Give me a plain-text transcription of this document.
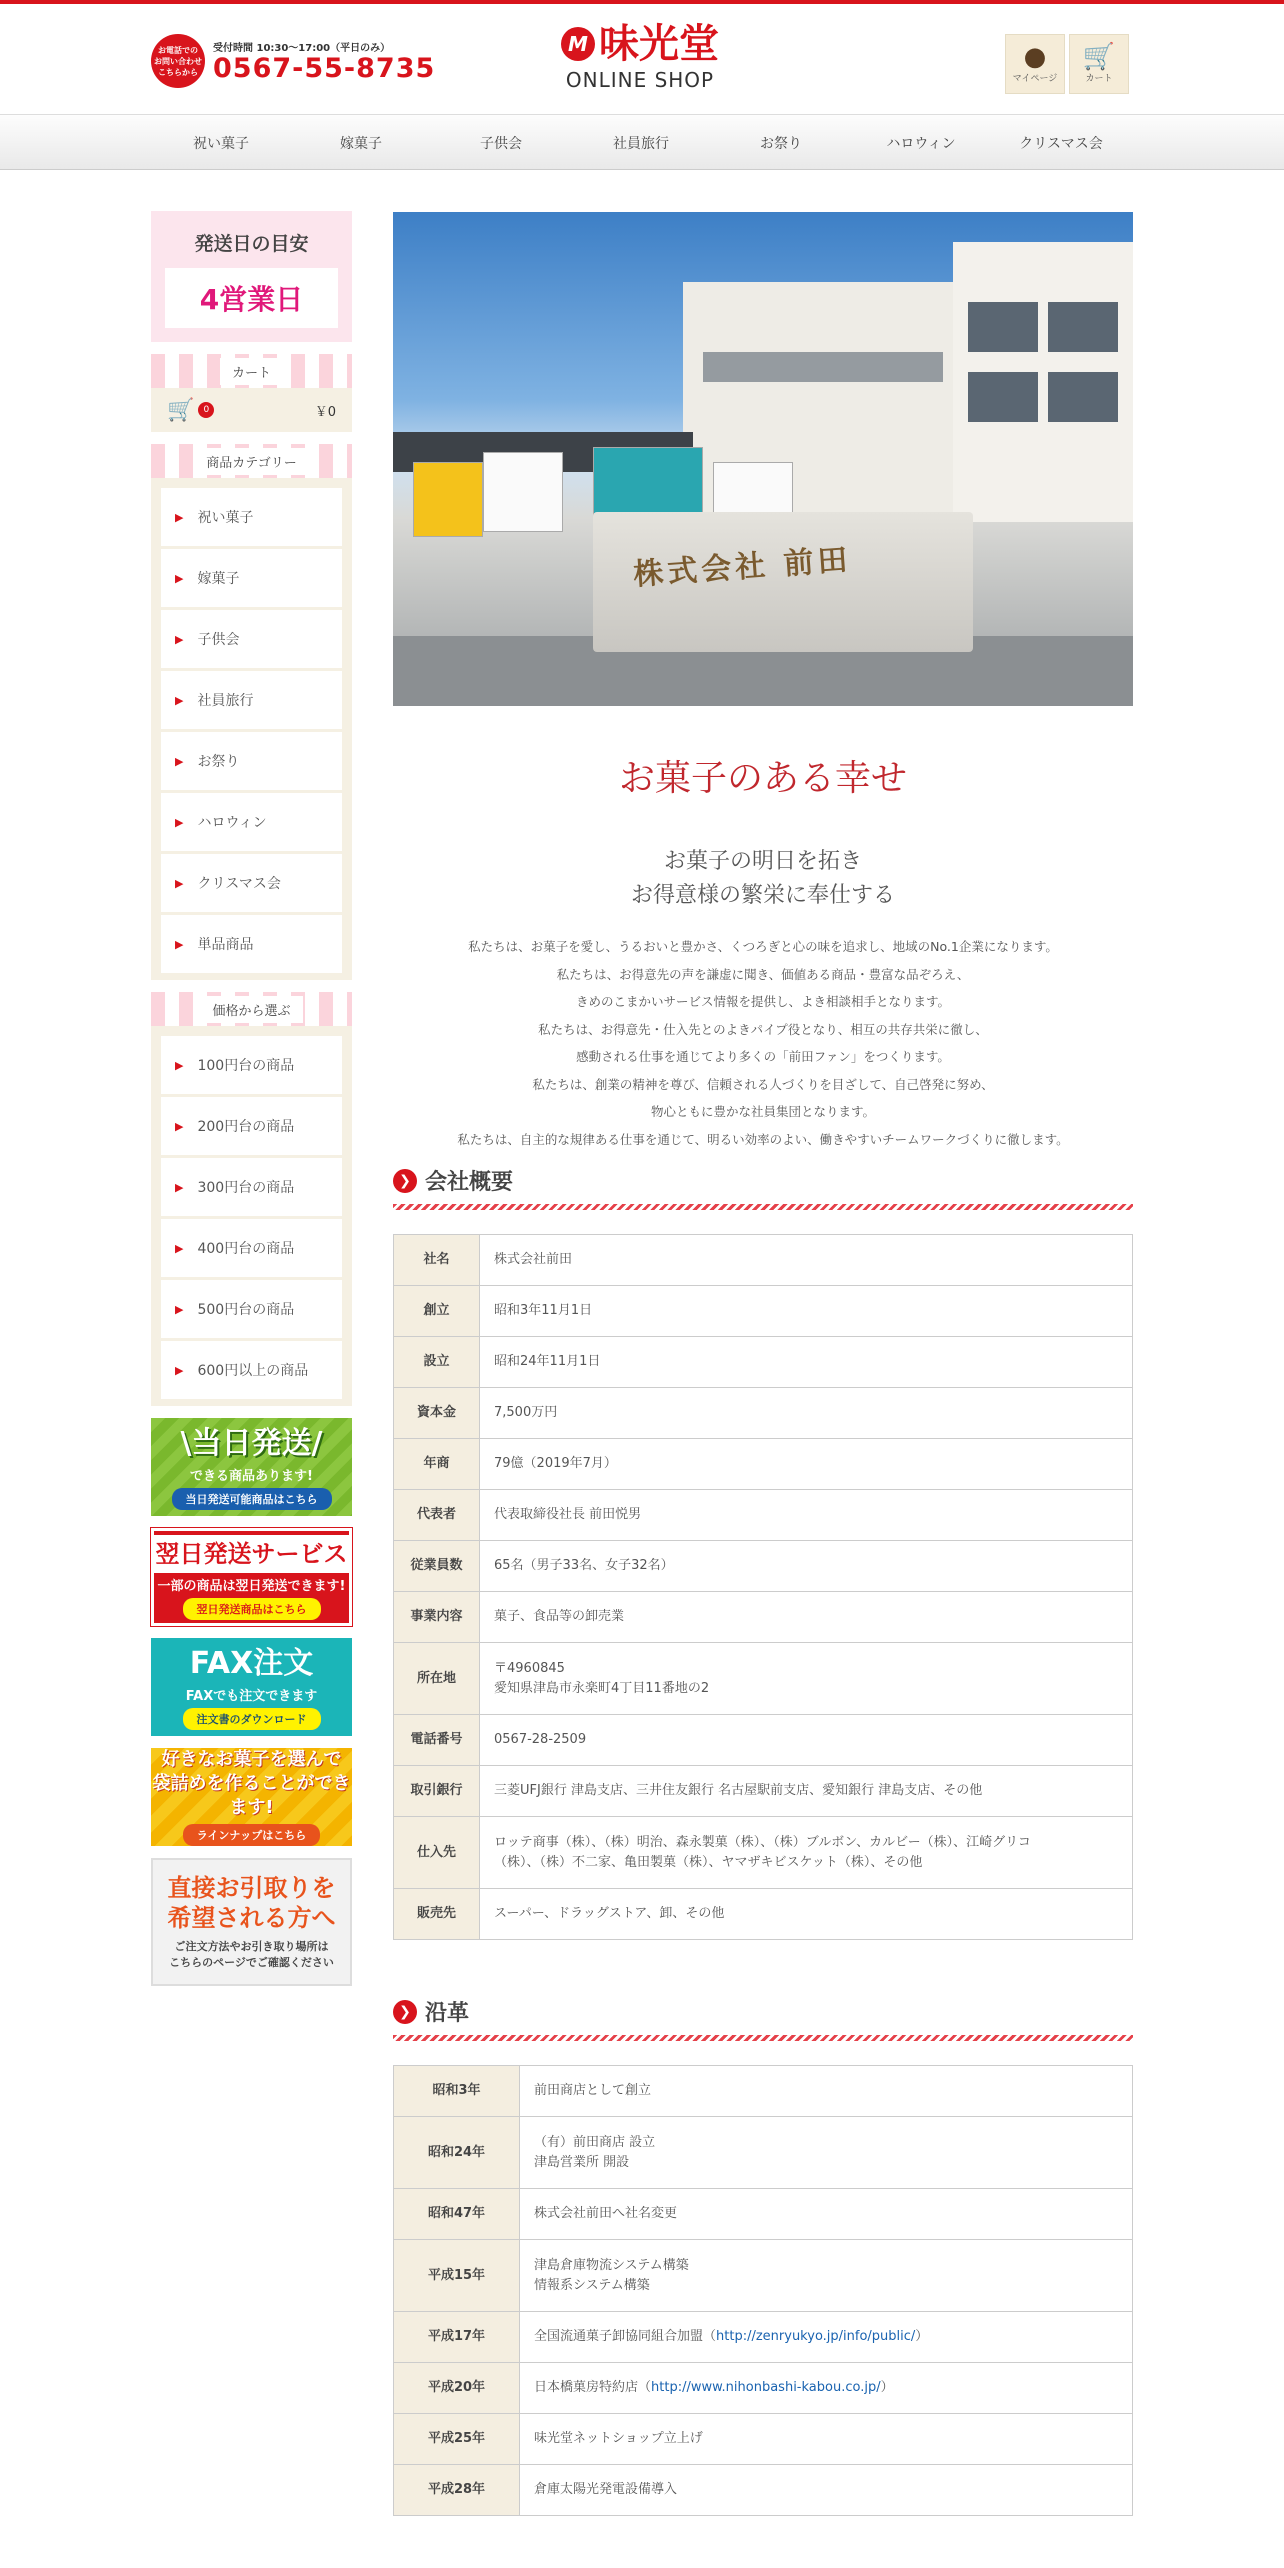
お電話での
お問い合わせ
こちらから
受付時間 10:30〜17:00（平日のみ）
0567-55-8735
M 味光堂
ONLINE SHOP
●
マイページ
🛒
カート
祝い菓子	嫁菓子	子供会	社員旅行	お祭り	ハロウィン	クリスマス会
発送日の目安
4営業日
カート
🛒	0	￥0
商品カテゴリー
▶ 祝い菓子
▶ 嫁菓子
▶ 子供会
▶ 社員旅行
▶ お祭り
▶ ハロウィン
▶ クリスマス会
▶ 単品商品
価格から選ぶ
▶ 100円台の商品
▶ 200円台の商品
▶ 300円台の商品
▶ 400円台の商品
▶ 500円台の商品
▶ 600円以上の商品
\当日発送/
できる商品あります!
当日発送可能商品はこちら
翌日発送サービス
一部の商品は翌日発送できます!
翌日発送商品はこちら
FAX注文
FAXでも注文できます
注文書のダウンロード
好きなお菓子を選んで
袋詰めを作ることができます!
ラインナップはこちら
直接お引取りを
希望される方へ
ご注文方法やお引き取り場所は
こちらのページでご確認ください
株式会社 前田
お菓子のある幸せ
お菓子の明日を拓き
お得意様の繁栄に奉仕する
私たちは、お菓子を愛し、うるおいと豊かさ、くつろぎと心の味を追求し、地域のNo.1企業になります。
私たちは、お得意先の声を謙虚に聞き、価値ある商品・豊富な品ぞろえ、
きめのこまかいサービス情報を提供し、よき相談相手となります。
私たちは、お得意先・仕入先とのよきパイプ役となり、相互の共存共栄に徹し、
感動される仕事を通じてより多くの「前田ファン」をつくります。
私たちは、創業の精神を尊び、信頼される人づくりを目ざして、自己啓発に努め、
物心ともに豊かな社員集団となります。
私たちは、自主的な規律ある仕事を通じて、明るい効率のよい、働きやすいチームワークづくりに徹します。
❯ 会社概要
社名	株式会社前田
創立	昭和3年11月1日
設立	昭和24年11月1日
資本金	7,500万円
年商	79億（2019年7月）
代表者	代表取締役社長 前田悦男
従業員数	65名（男子33名、女子32名）
事業内容	菓子、食品等の卸売業
所在地	〒4960845
愛知県津島市永楽町4丁目11番地の2

電話番号	0567-28-2509
取引銀行	三菱UFJ銀行 津島支店、三井住友銀行 名古屋駅前支店、愛知銀行 津島支店、その他
仕入先	ロッテ商事（株）、（株）明治、森永製菓（株）、（株）ブルボン、カルビー（株）、江崎グリコ
（株）、（株）不二家、亀田製菓（株）、ヤマザキビスケット（株）、その他

販売先	スーパー、ドラッグストア、卸、その他
❯ 沿革
昭和3年	前田商店として創立
昭和24年	（有）前田商店 設立
津島営業所 開設

昭和47年	株式会社前田へ社名変更
平成15年	津島倉庫物流システム構築
情報系システム構築

平成17年	全国流通菓子卸協同組合加盟（http://zenryukyo.jp/info/public/）
平成20年	日本橋菓房特約店（http://www.nihonbashi-kabou.co.jp/）
平成25年	味光堂ネットショップ立上げ
平成28年	倉庫太陽光発電設備導入
